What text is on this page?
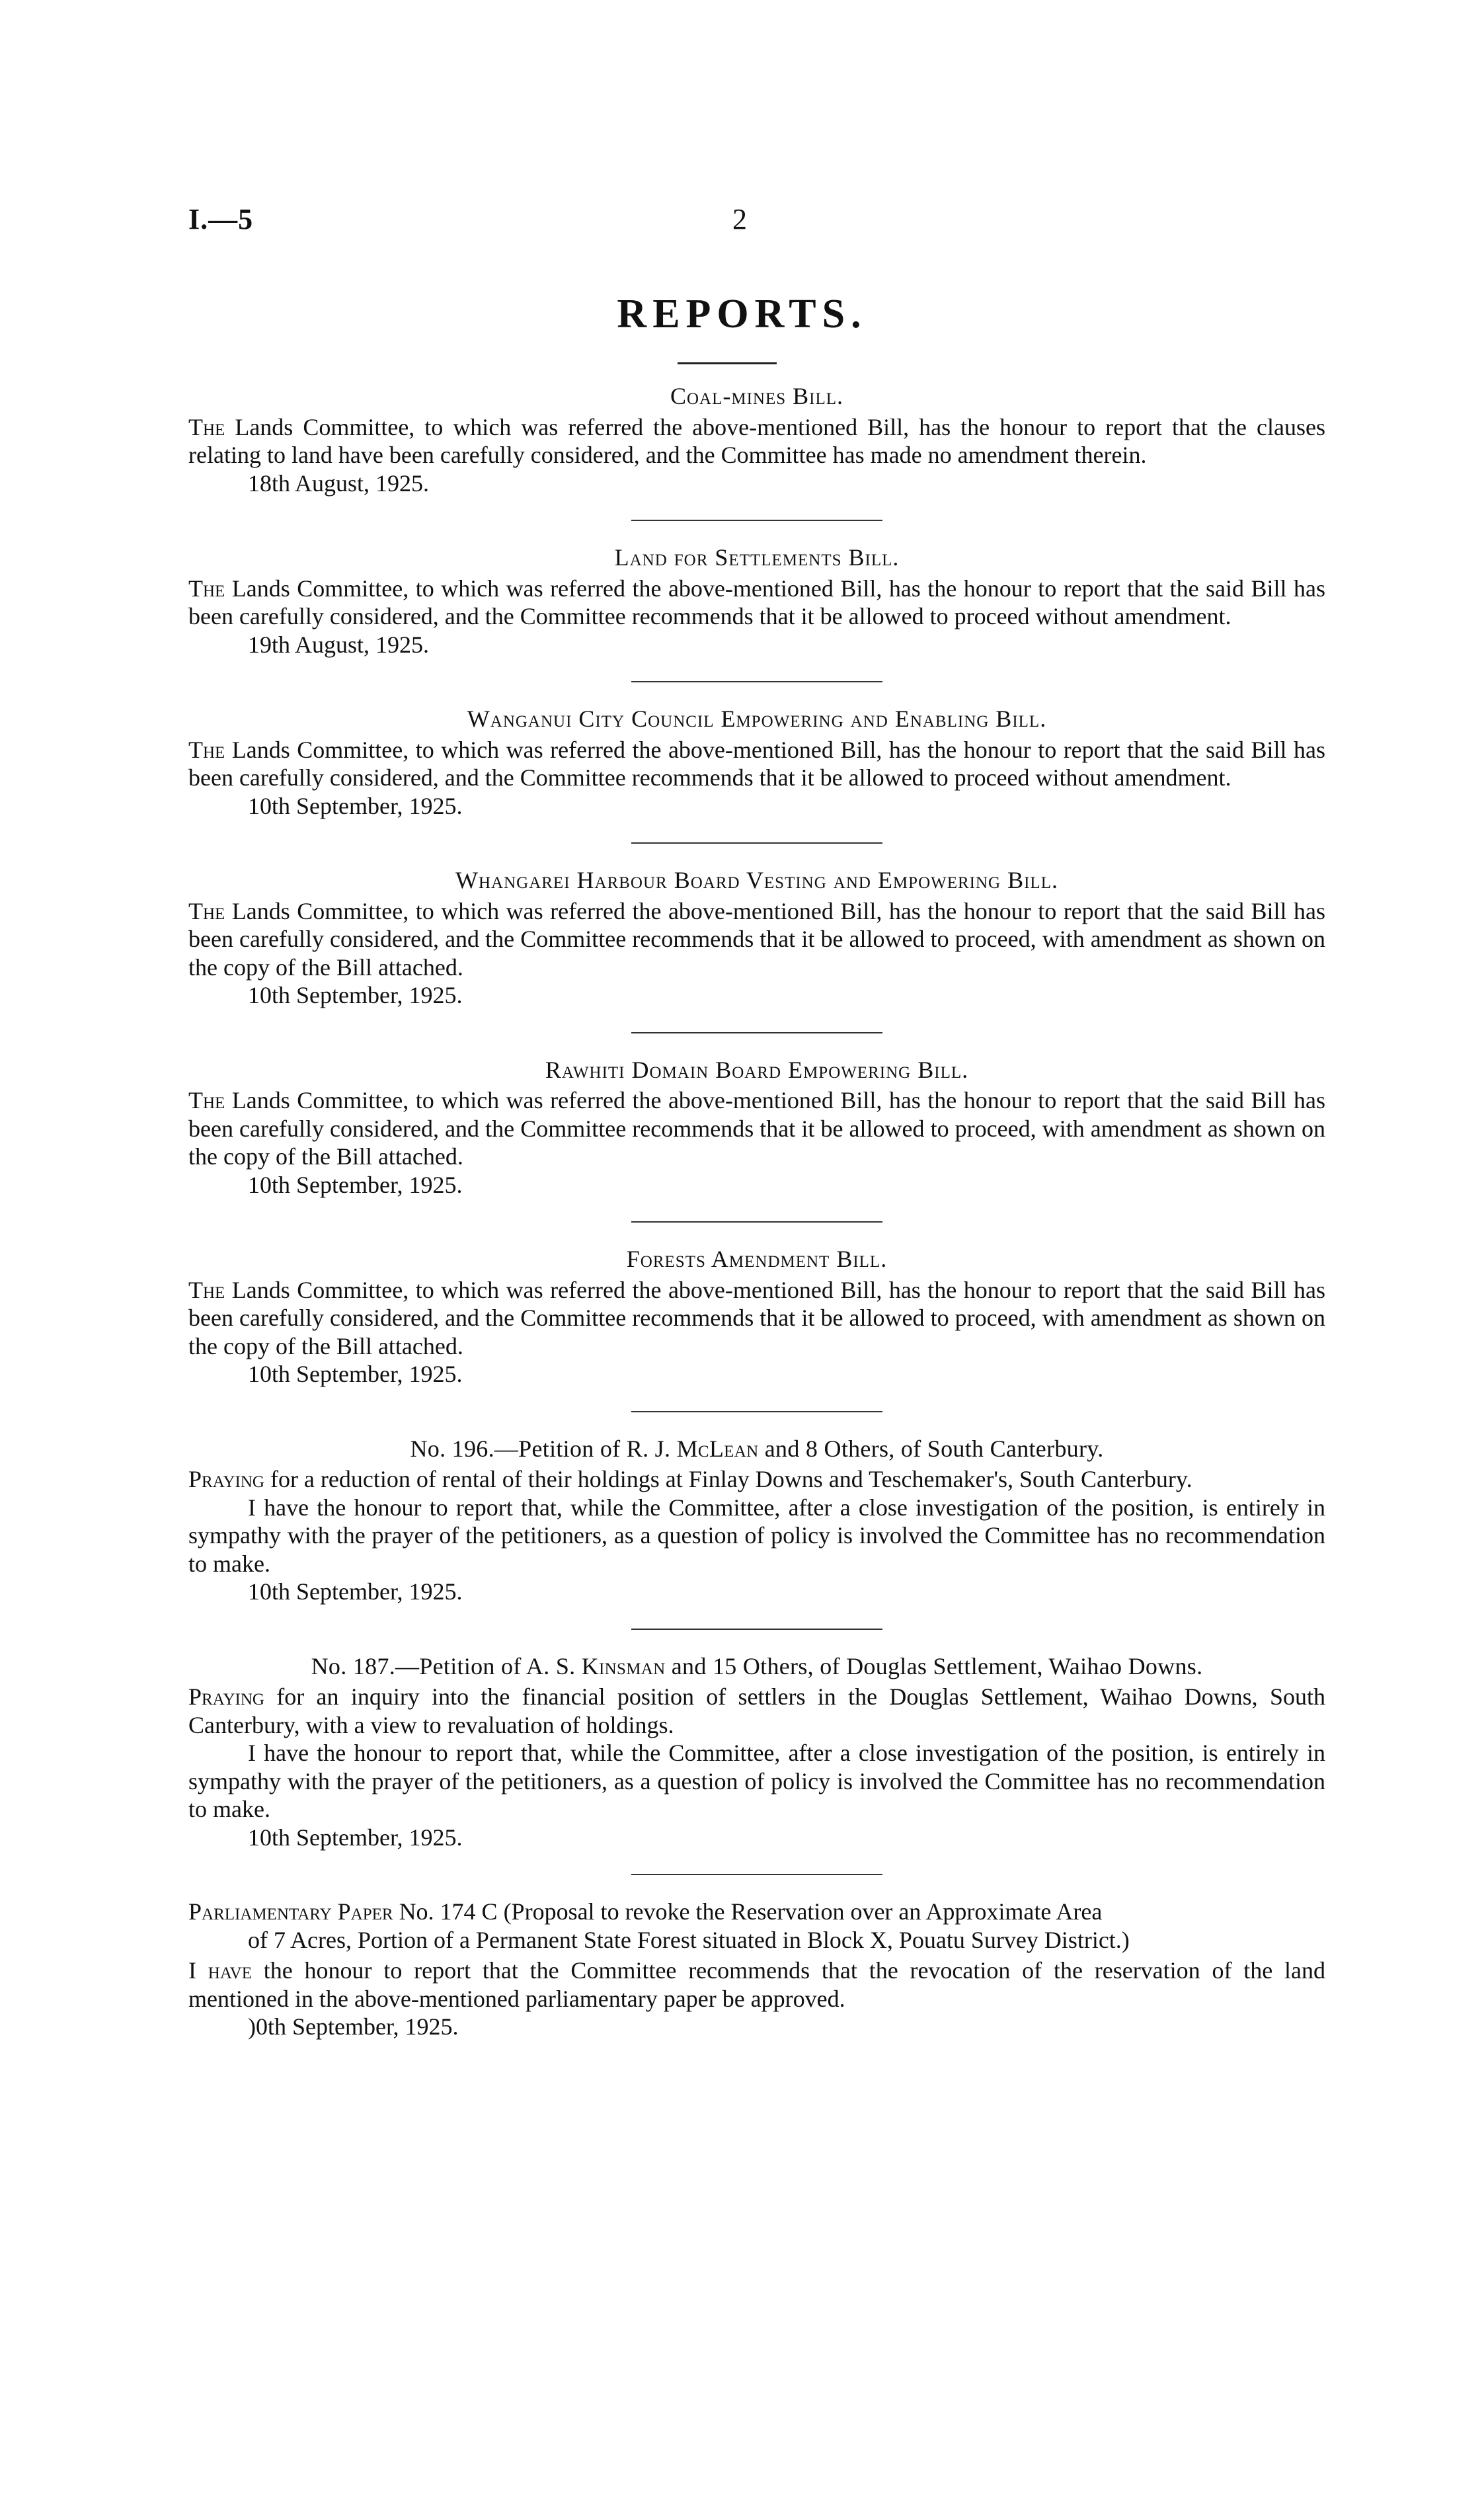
I.—5	2
REPORTS.

Coal-mines Bill.

The Lands Committee, to which was referred the above-mentioned Bill, has the honour to report that the clauses relating to land have been carefully considered, and the Committee has made no amendment therein.

18th August, 1925.

Land for Settlements Bill.

The Lands Committee, to which was referred the above-mentioned Bill, has the honour to report that the said Bill has been carefully considered, and the Committee recommends that it be allowed to proceed without amendment.

19th August, 1925.

Wanganui City Council Empowering and Enabling Bill.

The Lands Committee, to which was referred the above-mentioned Bill, has the honour to report that the said Bill has been carefully considered, and the Committee recommends that it be allowed to proceed without amendment.

10th September, 1925.

Whangarei Harbour Board Vesting and Empowering Bill.

The Lands Committee, to which was referred the above-mentioned Bill, has the honour to report that the said Bill has been carefully considered, and the Committee recommends that it be allowed to proceed, with amendment as shown on the copy of the Bill attached.

10th September, 1925.

Rawhiti Domain Board Empowering Bill.

The Lands Committee, to which was referred the above-mentioned Bill, has the honour to report that the said Bill has been carefully considered, and the Committee recommends that it be allowed to proceed, with amendment as shown on the copy of the Bill attached.

10th September, 1925.

Forests Amendment Bill.

The Lands Committee, to which was referred the above-mentioned Bill, has the honour to report that the said Bill has been carefully considered, and the Committee recommends that it be allowed to proceed, with amendment as shown on the copy of the Bill attached.

10th September, 1925.

No. 196.—Petition of R. J. McLean and 8 Others, of South Canterbury.

Praying for a reduction of rental of their holdings at Finlay Downs and Teschemaker's, South Canterbury.

I have the honour to report that, while the Committee, after a close investigation of the position, is entirely in sympathy with the prayer of the petitioners, as a question of policy is involved the Committee has no recommendation to make.

10th September, 1925.

No. 187.—Petition of A. S. Kinsman and 15 Others, of Douglas Settlement, Waihao Downs.

Praying for an inquiry into the financial position of settlers in the Douglas Settlement, Waihao Downs, South Canterbury, with a view to revaluation of holdings.

I have the honour to report that, while the Committee, after a close investigation of the position, is entirely in sympathy with the prayer of the petitioners, as a question of policy is involved the Committee has no recommendation to make.

10th September, 1925.

Parliamentary Paper No. 174 C (Proposal to revoke the Reservation over an Approximate Area
of 7 Acres, Portion of a Permanent State Forest situated in Block X, Pouatu Survey District.)

I have the honour to report that the Committee recommends that the revocation of the reservation of the land mentioned in the above-mentioned parliamentary paper be approved.

)0th September, 1925.
